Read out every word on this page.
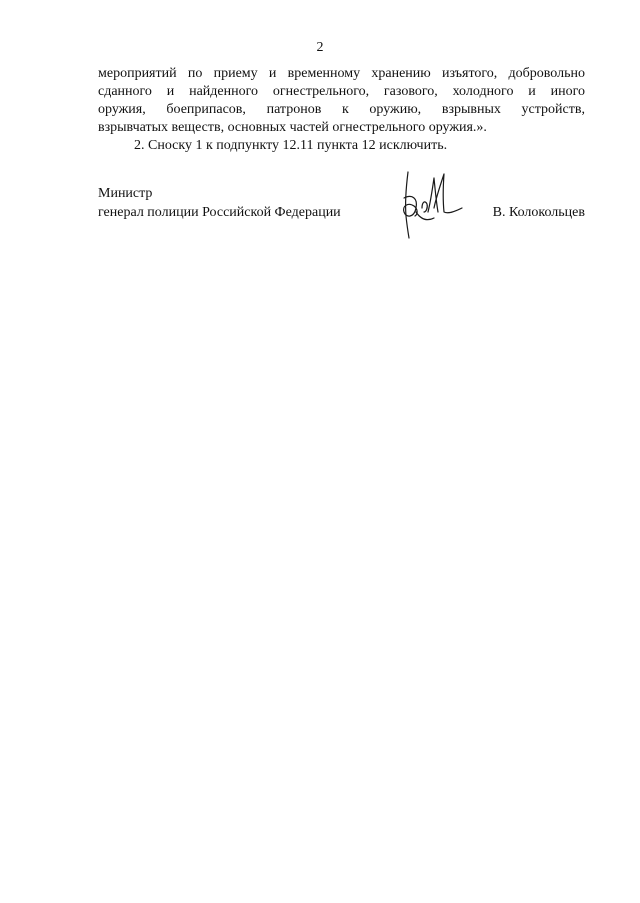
2
мероприятий по приему и временному хранению изъятого, добровольно
сданного и найденного огнестрельного, газового, холодного и иного
оружия, боеприпасов, патронов к оружию, взрывных устройств,
взрывчатых веществ, основных частей огнестрельного оружия.».
2. Сноску 1 к подпункту 12.11 пункта 12 исключить.
Министр
генерал полиции Российской Федерации	В. Колокольцев
